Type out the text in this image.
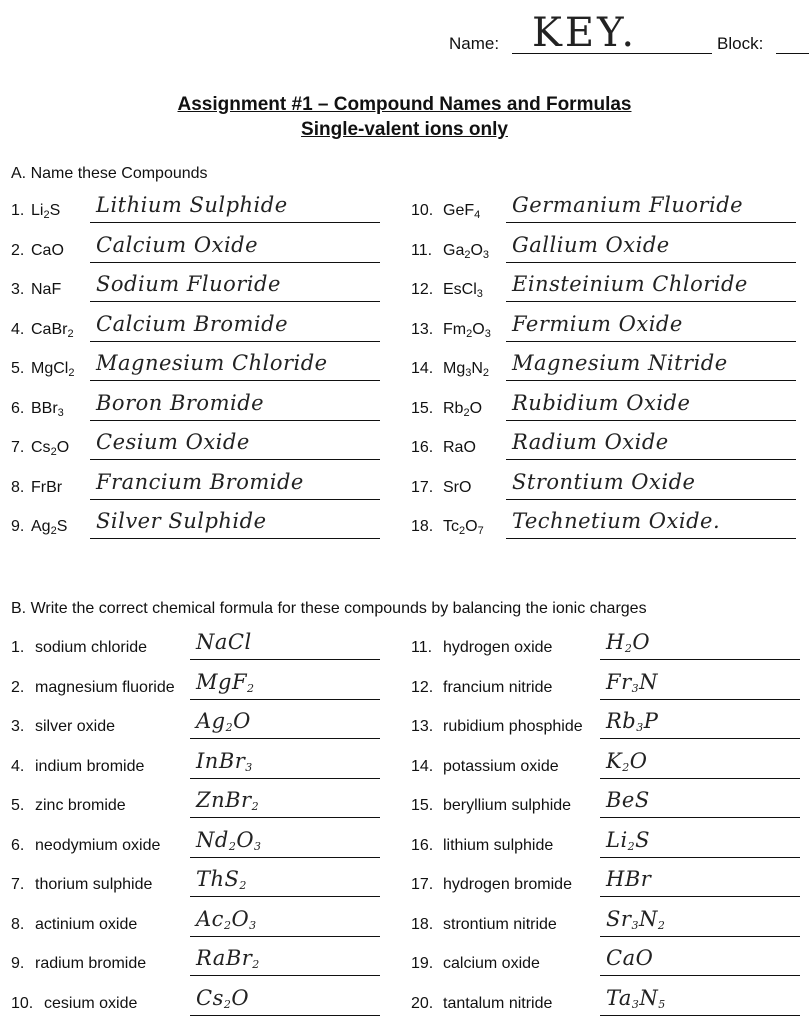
Name: KEY.	Block:
Assignment #1 – Compound Names and Formulas
Single-valent ions only
A. Name these Compounds
1. $Li_2S$ Lithium Sulphide
2. CaO Calcium Oxide
3. NaF Sodium Fluoride
4. CaBr$_2$ Calcium Bromide
5. MgCl$_2$ Magnesium Chloride
6. BBr$_3$ Boron Bromide
7. $Cs_2O$ Cesium Oxide
8. FrBr Francium Bromide
9. $Ag_2S$ Silver Sulphide
10. GeF$_4$ Germanium Fluoride
11. $Ga_2O_3$ Gallium Oxide
12. EsCl$_3$ Einsteinium Chloride
13. $Fm_2O_3$ Fermium Oxide
14. $Mg_3N_2$ Magnesium Nitride
15. $Rb_2O$ Rubidium Oxide
16. RaO Radium Oxide
17. SrO Strontium Oxide
18. $Tc_2O_7$ Technetium Oxide.
B. Write the correct chemical formula for these compounds by balancing the ionic charges
1. sodium chloride NaCl
2. magnesium fluoride MgF$_2$
3. silver oxide	$Ag_2O$
4. indium bromide InBr$_3$
5. zinc bromide	ZnBr$_2$
6. neodymium oxide $Nd_2O_3$
7. thorium sulphide ThS$_2$
8. actinium oxide	$Ac_2O_3$
9. radium bromide RaBr$_2$
10. cesium oxide	$Cs_2O$
11. hydrogen oxide	$H_2O$
12. francium nitride	$Fr_3N$
13. rubidium phosphide $Rb_3P$
14. potassium oxide $K_2O$
15. beryllium sulphide BeS
16. lithium sulphide	$Li_2S$
17. hydrogen bromide HBr
18. strontium nitride $Sr_3N_2$
19. calcium oxide	CaO
20. tantalum nitride	$Ta_3N_5$
